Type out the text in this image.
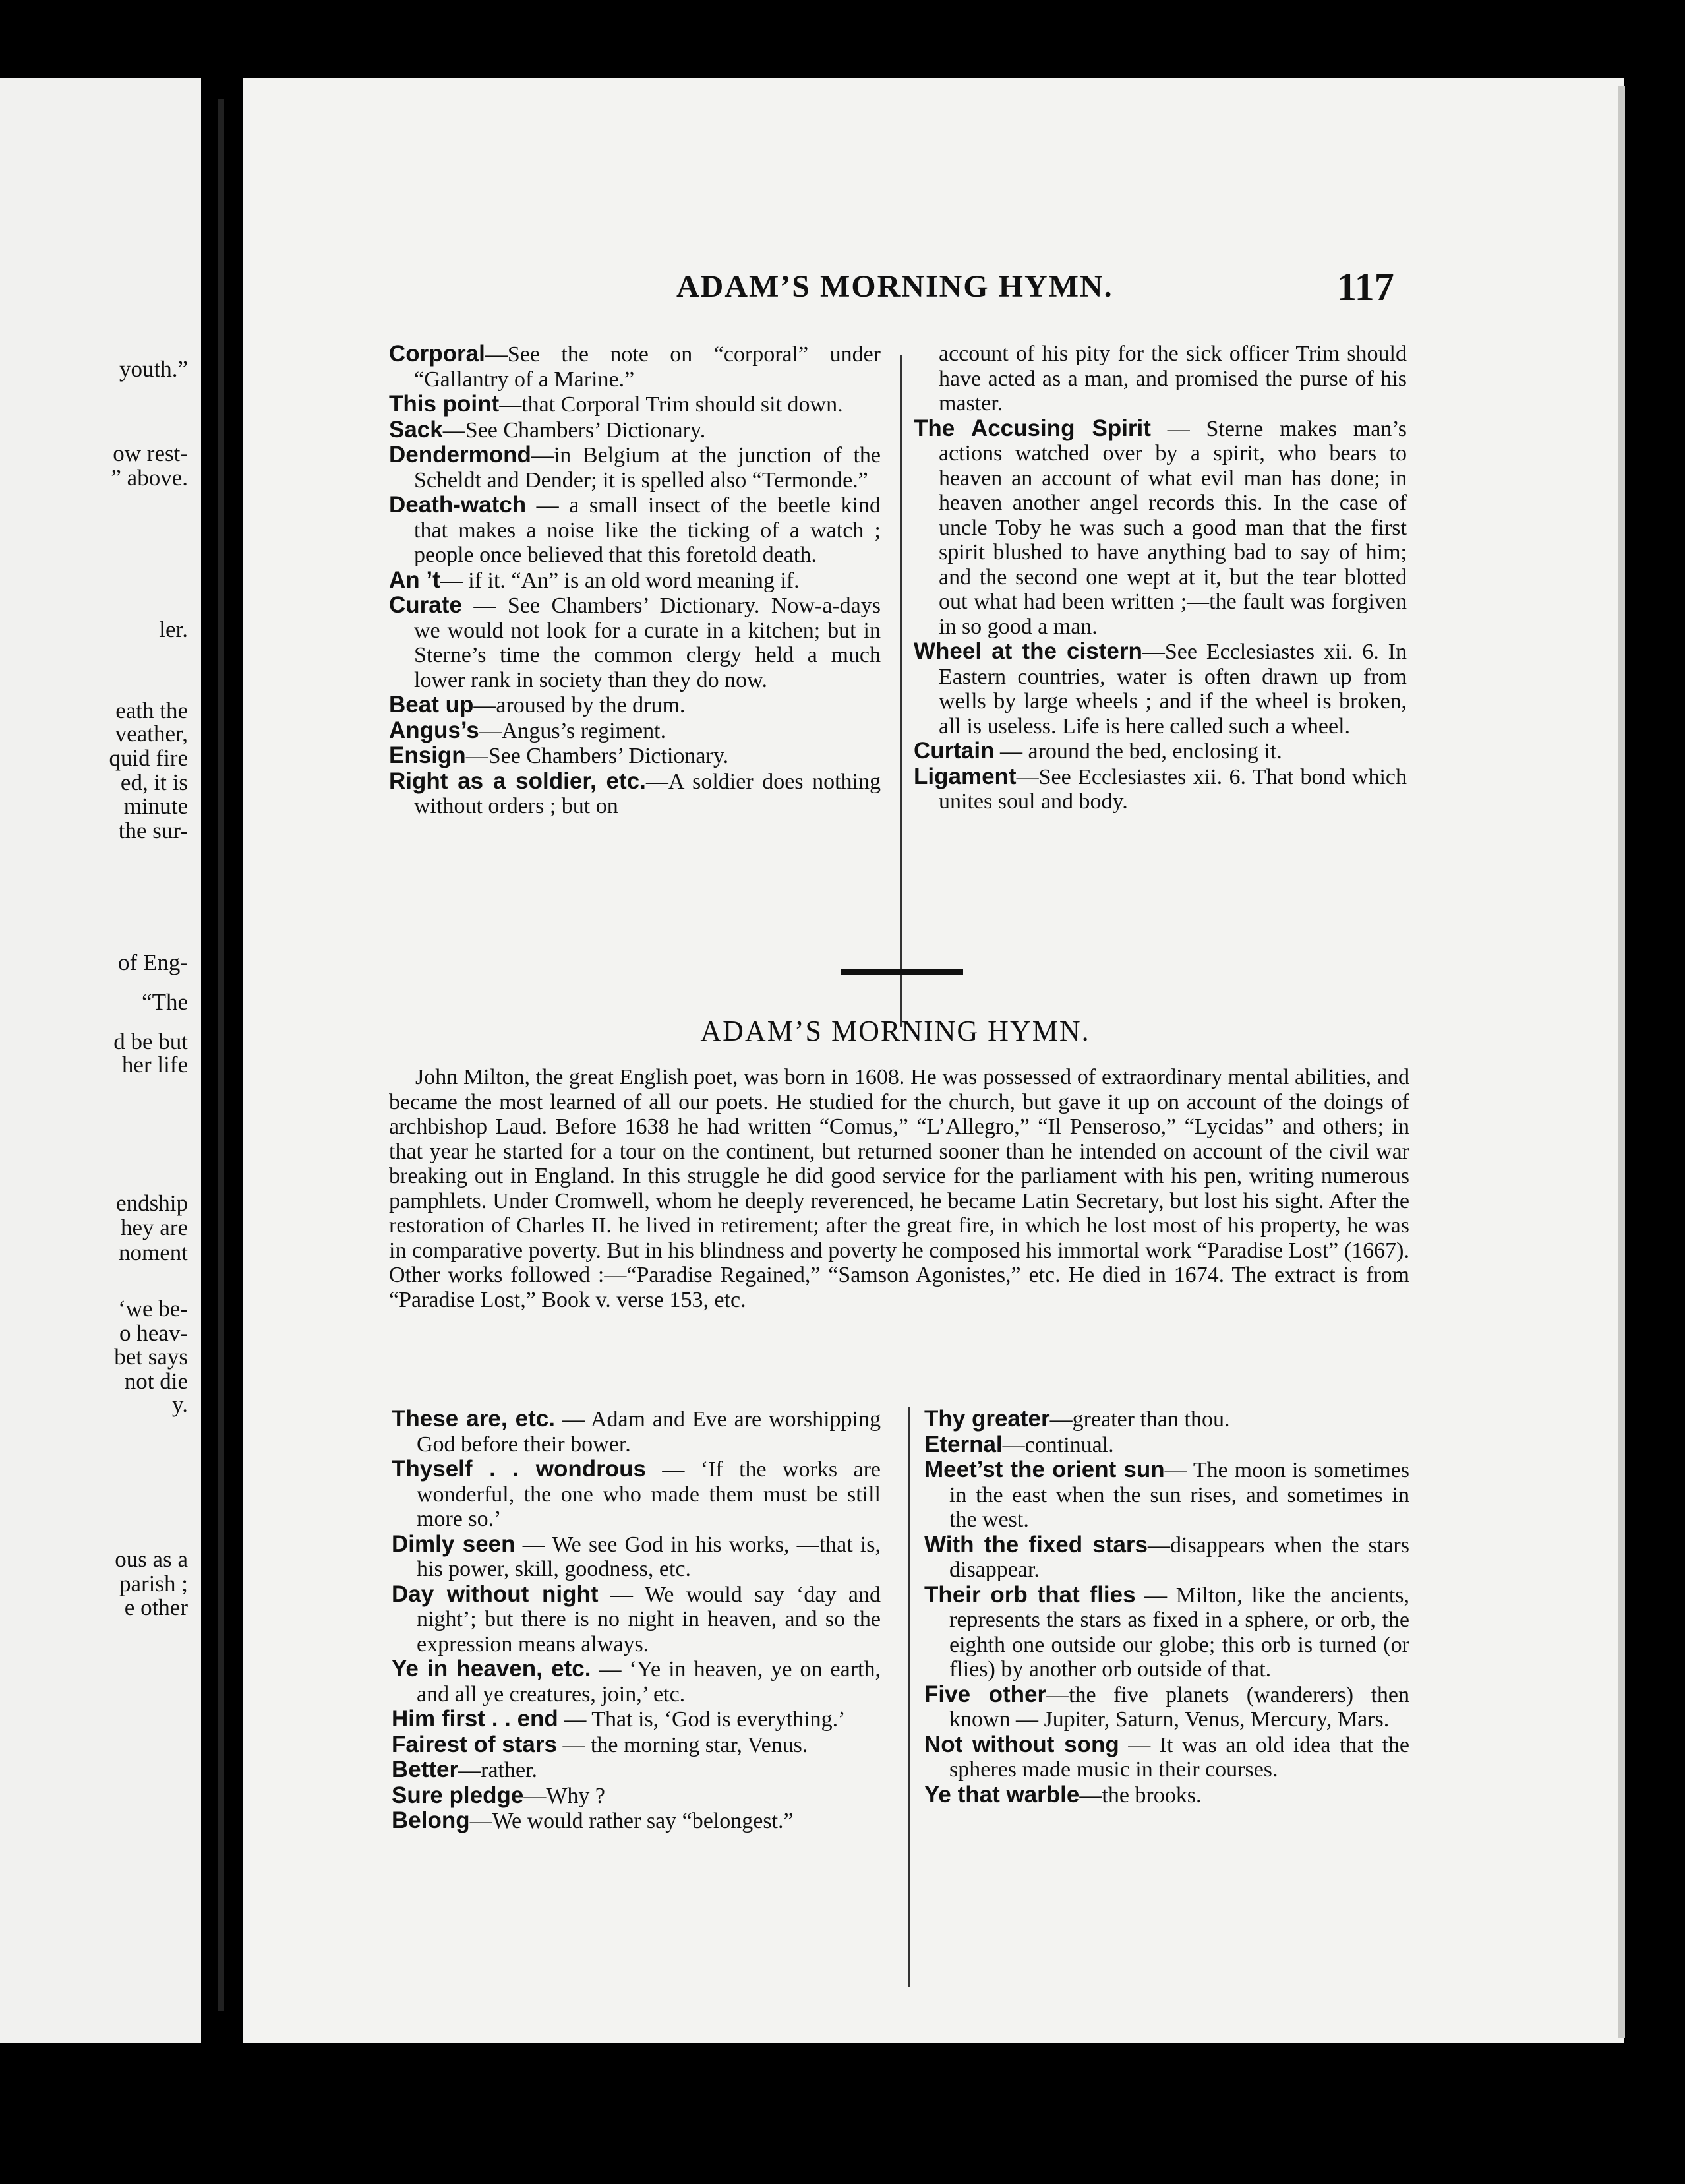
youth.”
ow rest-
” above.
ler.
eath the
veather,
quid fire
ed, it is
minute
the sur-
of Eng-
“The
d be but
her life
endship
hey are
noment
‘we be-
o heav-
bet says
not die
y.
ous as a
parish ;
e other
ADAM’S MORNING HYMN.	117
Corporal—See the note on “corporal” under “Gallantry of a Marine.”
This point—that Corporal Trim should sit down.
Sack—See Chambers’ Dictionary.
Dendermond—in Belgium at the junction of the Scheldt and Dender; it is spelled also “Termonde.”
Death-watch — a small insect of the beetle kind that makes a noise like the ticking of a watch ; people once believed that this foretold death.
An ’t— if it. “An” is an old word meaning if.
Curate — See Chambers’ Dictionary. Now-a-days we would not look for a curate in a kitchen; but in Sterne’s time the common clergy held a much lower rank in society than they do now.
Beat up—aroused by the drum.
Angus’s—Angus’s regiment.
Ensign—See Chambers’ Dictionary.
Right as a soldier, etc.—A soldier does nothing without orders ; but on
account of his pity for the sick officer Trim should have acted as a man, and promised the purse of his master.
The Accusing Spirit — Sterne makes man’s actions watched over by a spirit, who bears to heaven an account of what evil man has done; in heaven another angel records this. In the case of uncle Toby he was such a good man that the first spirit blushed to have anything bad to say of him; and the second one wept at it, but the tear blotted out what had been written ;—the fault was forgiven in so good a man.
Wheel at the cistern—See Ecclesiastes xii. 6. In Eastern countries, water is often drawn up from wells by large wheels ; and if the wheel is broken, all is useless. Life is here called such a wheel.
Curtain — around the bed, enclosing it.
Ligament—See Ecclesiastes xii. 6. That bond which unites soul and body.
ADAM’S MORNING HYMN.
John Milton, the great English poet, was born in 1608. He was possessed of extraordinary mental abilities, and became the most learned of all our poets. He studied for the church, but gave it up on account of the doings of archbishop Laud. Before 1638 he had written “Comus,” “L’Allegro,” “Il Penseroso,” “Lycidas” and others; in that year he started for a tour on the continent, but returned sooner than he intended on account of the civil war breaking out in England. In this struggle he did good service for the parliament with his pen, writing numerous pamphlets. Under Cromwell, whom he deeply reverenced, he became Latin Secretary, but lost his sight. After the restoration of Charles II. he lived in retirement; after the great fire, in which he lost most of his property, he was in comparative poverty. But in his blindness and poverty he composed his immortal work “Paradise Lost” (1667). Other works followed :—“Paradise Regained,” “Samson Agonistes,” etc. He died in 1674. The extract is from “Paradise Lost,” Book v. verse 153, etc.
These are, etc. — Adam and Eve are worshipping God before their bower.
Thyself . . wondrous — ‘If the works are wonderful, the one who made them must be still more so.’
Dimly seen — We see God in his works, —that is, his power, skill, goodness, etc.
Day without night — We would say ‘day and night’; but there is no night in heaven, and so the expression means always.
Ye in heaven, etc. — ‘Ye in heaven, ye on earth, and all ye creatures, join,’ etc.
Him first . . end — That is, ‘God is everything.’
Fairest of stars — the morning star, Venus.
Better—rather.
Sure pledge—Why ?
Belong—We would rather say “belongest.”
Thy greater—greater than thou.
Eternal—continual.
Meet’st the orient sun— The moon is sometimes in the east when the sun rises, and sometimes in the west.
With the fixed stars—disappears when the stars disappear.
Their orb that flies — Milton, like the ancients, represents the stars as fixed in a sphere, or orb, the eighth one outside our globe; this orb is turned (or flies) by another orb outside of that.
Five other—the five planets (wanderers) then known — Jupiter, Saturn, Venus, Mercury, Mars.
Not without song — It was an old idea that the spheres made music in their courses.
Ye that warble—the brooks.
